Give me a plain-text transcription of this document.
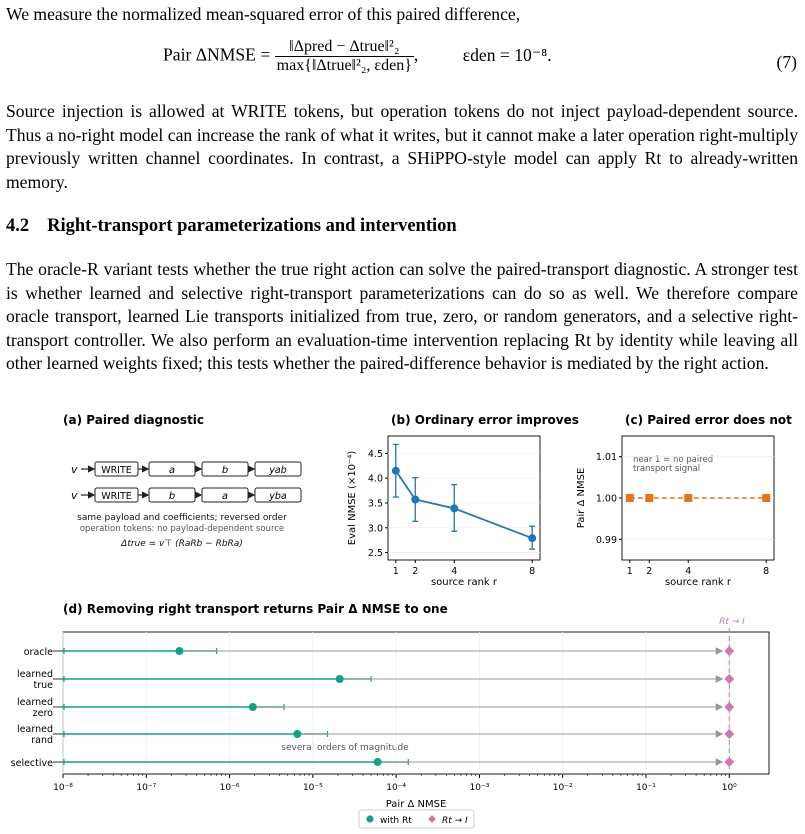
We measure the normalized mean-squared error of this paired difference,

Pair ΔNMSE = $\frac{\text{‖Δpred − Δtrue‖²₂}}{\text{max\{‖Δtrue‖²₂, εden\}}}$ , εden = 10⁻⁸.	(7)

Source injection is allowed at WRITE tokens, but operation tokens do not inject payload-dependent source. Thus a no-right model can increase the rank of what it writes, but it cannot make a later operation right-multiply previously written channel coordinates. In contrast, a SHiPPO-style model can apply Rt to already-written memory.

4.2 Right-transport parameterizations and intervention

The oracle-R variant tests whether the true right action can solve the paired-transport diagnostic. A stronger test is whether learned and selective right-transport parameterizations can do so as well. We therefore compare oracle transport, learned Lie transports initialized from true, zero, or random generators, and a selective right-transport controller. We also perform an evaluation-time intervention replacing Rt by identity while leaving all other learned weights fixed; this tests whether the paired-difference behavior is mediated by the right action.

(a) Paired diagnostic
v WRITE	a	b	yab
v WRITE	b	a	yba
same payload and coefficients; reversed order
operation tokens: no payload-dependent source
Δtrue = v⊤ (RaRb − RbRa)
(b) Ordinary error improves
Eval NMSE (×10⁻⁴)
source rank r
2.5
3.0
3.5
4.0
4.5
1 2	4	8
(c) Paired error does not
Pair Δ NMSE
source rank r
near 1 = no paired
transport signal
0.99
1.00
1.01
1 2	4	8
(d) Removing right transport returns Pair Δ NMSE to one
Rt → I
several orders of magnitude
Pair Δ NMSE
10⁻⁸	10⁻⁷	10⁻⁶	10⁻⁵	10⁻⁴	10⁻³	10⁻²	10⁻¹	10⁰
oracle
learned
true
learned
zero
learned
rand
selective
with Rt	Rt → I
